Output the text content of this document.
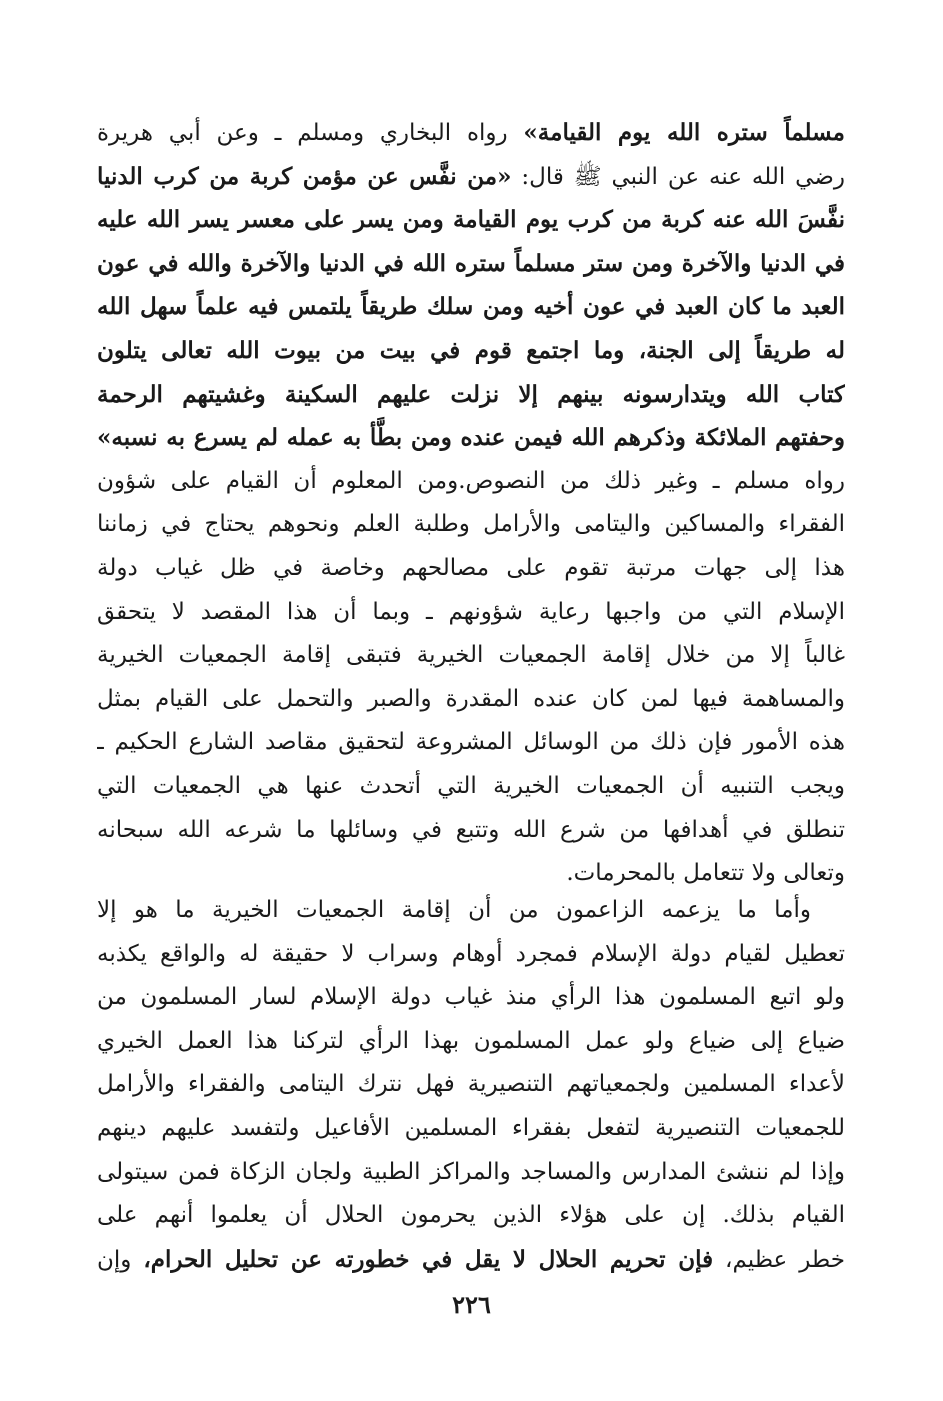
مسلماً ستره الله يوم القيامة» رواه البخاري ومسلم ـ وعن أبي هريرة
رضي الله عنه عن النبي ﷺ قال: «من نفَّس عن مؤمن كربة من كرب الدنيا
نفَّسَ الله عنه كربة من كرب يوم القيامة ومن يسر على معسر يسر الله عليه
في الدنيا والآخرة ومن ستر مسلماً ستره الله في الدنيا والآخرة والله في عون
العبد ما كان العبد في عون أخيه ومن سلك طريقاً يلتمس فيه علماً سهل الله
له طريقاً إلى الجنة، وما اجتمع قوم في بيت من بيوت الله تعالى يتلون
كتاب الله ويتدارسونه بينهم إلا نزلت عليهم السكينة وغشيتهم الرحمة
وحفتهم الملائكة وذكرهم الله فيمن عنده ومن بطَّأ به عمله لم يسرع به نسبه»
رواه مسلم ـ وغير ذلك من النصوص.ومن المعلوم أن القيام على شؤون
الفقراء والمساكين واليتامى والأرامل وطلبة العلم ونحوهم يحتاج في زماننا
هذا إلى جهات مرتبة تقوم على مصالحهم وخاصة في ظل غياب دولة
الإسلام التي من واجبها رعاية شؤونهم ـ وبما أن هذا المقصد لا يتحقق
غالباً إلا من خلال إقامة الجمعيات الخيرية فتبقى إقامة الجمعيات الخيرية
والمساهمة فيها لمن كان عنده المقدرة والصبر والتحمل على القيام بمثل
هذه الأمور فإن ذلك من الوسائل المشروعة لتحقيق مقاصد الشارع الحكيم ـ
ويجب التنبيه أن الجمعيات الخيرية التي أتحدث عنها هي الجمعيات التي
تنطلق في أهدافها من شرع الله وتتبع في وسائلها ما شرعه الله سبحانه
وتعالى ولا تتعامل بالمحرمات.
وأما ما يزعمه الزاعمون من أن إقامة الجمعيات الخيرية ما هو إلا
تعطيل لقيام دولة الإسلام فمجرد أوهام وسراب لا حقيقة له والواقع يكذبه
ولو اتبع المسلمون هذا الرأي منذ غياب دولة الإسلام لسار المسلمون من
ضياع إلى ضياع ولو عمل المسلمون بهذا الرأي لتركنا هذا العمل الخيري
لأعداء المسلمين ولجمعياتهم التنصيرية فهل نترك اليتامى والفقراء والأرامل
للجمعيات التنصيرية لتفعل بفقراء المسلمين الأفاعيل ولتفسد عليهم دينهم
وإذا لم ننشئ المدارس والمساجد والمراكز الطبية ولجان الزكاة فمن سيتولى
القيام بذلك. إن على هؤلاء الذين يحرمون الحلال أن يعلموا أنهم على
خطر عظيم، فإن تحريم الحلال لا يقل في خطورته عن تحليل الحرام، وإن
٢٢٦
